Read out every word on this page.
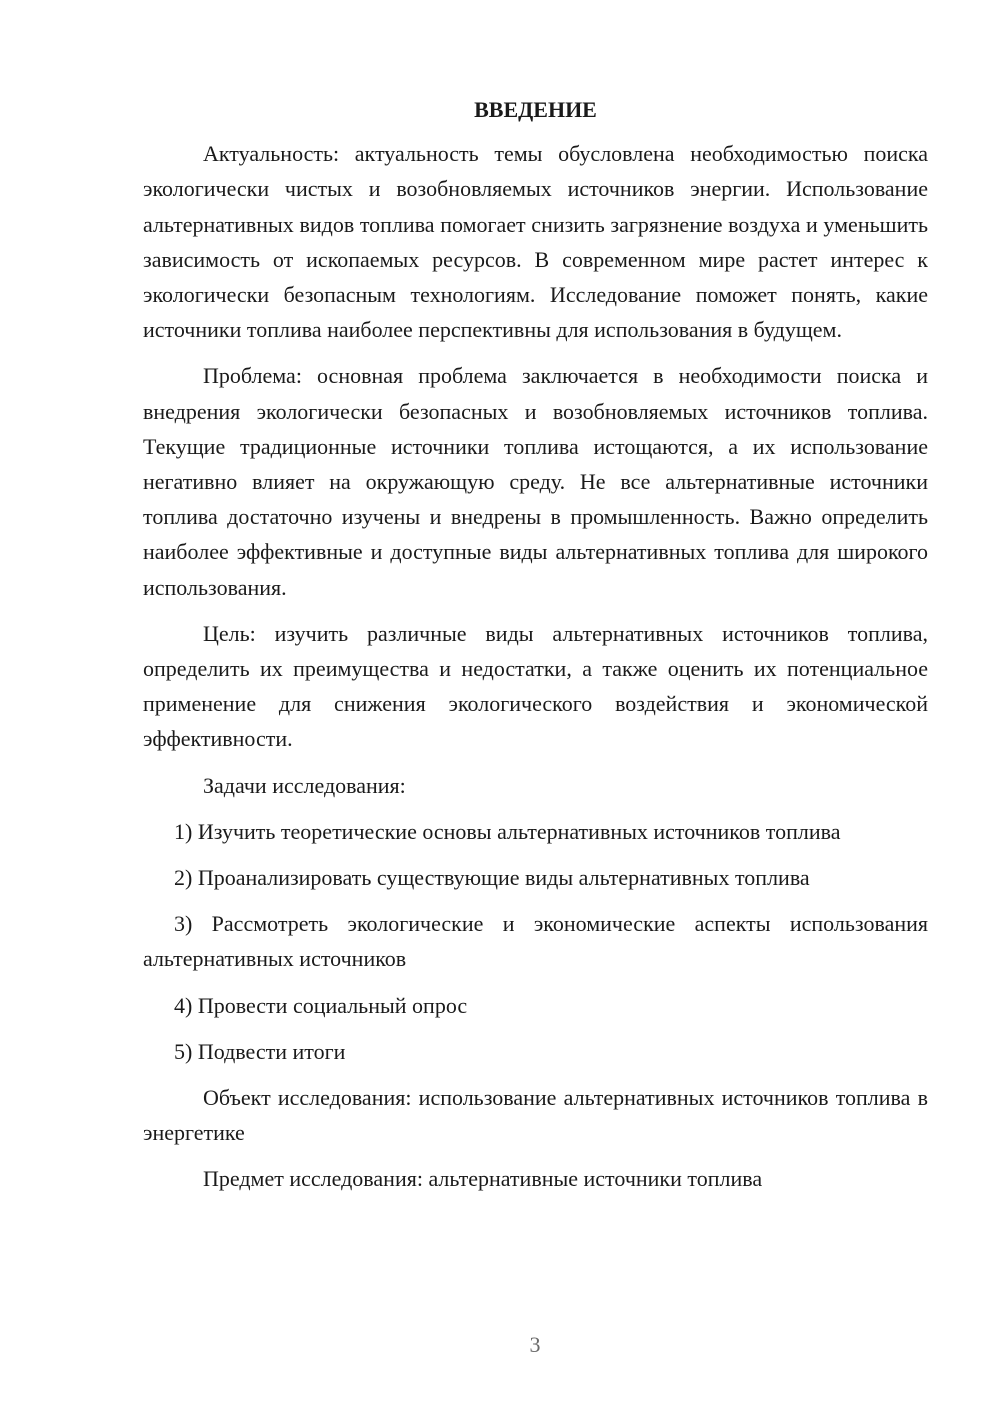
ВВЕДЕНИЕ

Актуальность: актуальность темы обусловлена необходимостью поиска экологически чистых и возобновляемых источников энергии. Использование альтернативных видов топлива помогает снизить загрязнение воздуха и уменьшить зависимость от ископаемых ресурсов. В современном мире растет интерес к экологически безопасным технологиям. Исследование поможет понять, какие источники топлива наиболее перспективны для использования в будущем.

Проблема: основная проблема заключается в необходимости поиска и внедрения экологически безопасных и возобновляемых источников топлива. Текущие традиционные источники топлива истощаются, а их использование негативно влияет на окружающую среду. Не все альтернативные источники топлива достаточно изучены и внедрены в промышленность. Важно определить наиболее эффективные и доступные виды альтернативных топлива для широкого использования.

Цель: изучить различные виды альтернативных источников топлива, определить их преимущества и недостатки, а также оценить их потенциальное применение для снижения экологического воздействия и экономической эффективности.

Задачи исследования:

1) Изучить теоретические основы альтернативных источников топлива

2) Проанализировать существующие виды альтернативных топлива

3) Рассмотреть экологические и экономические аспекты использования альтернативных источников

4) Провести социальный опрос

5) Подвести итоги

Объект исследования: использование альтернативных источников топлива в энергетике

Предмет исследования: альтернативные источники топлива

3
